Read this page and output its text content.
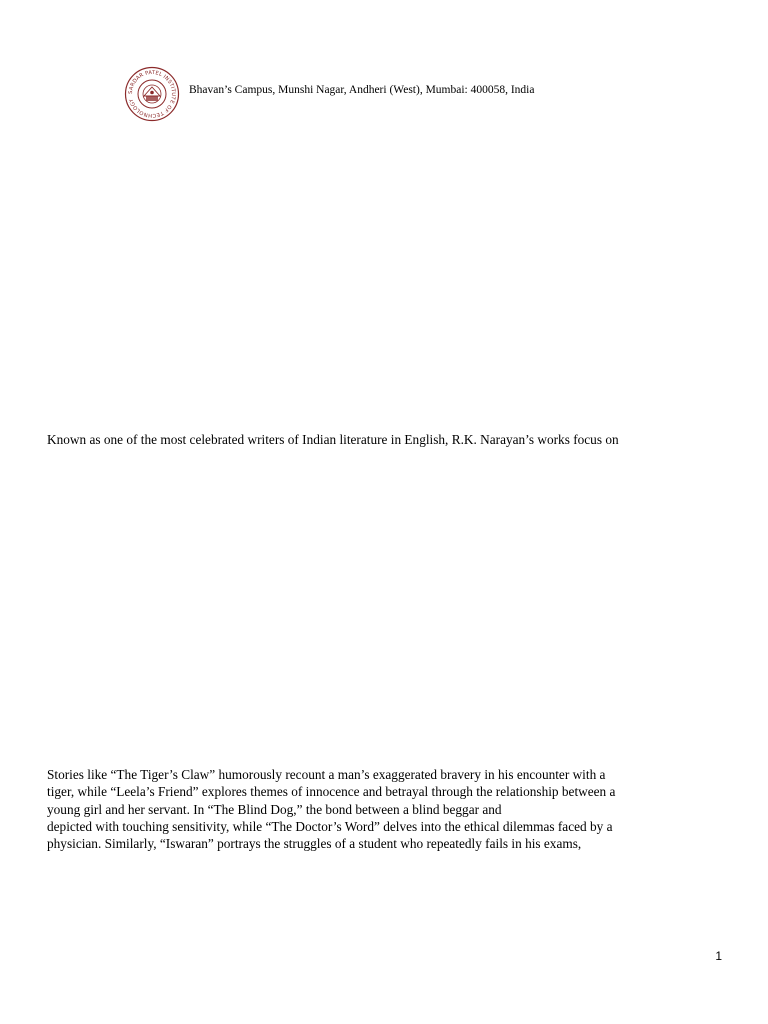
SARDAR PATEL INSTITUTE OF TECHNOLOGY
Bhavan’s Campus, Munshi Nagar, Andheri (West), Mumbai: 400058, India

Known as one of the most celebrated writers of Indian literature in English, R.K. Narayan’s works focus on

Stories like “The Tiger’s Claw” humorously recount a man’s exaggerated bravery in his encounter with a
tiger, while “Leela’s Friend” explores themes of innocence and betrayal through the relationship between a
young girl and her servant. In “The Blind Dog,” the bond between a blind beggar and
depicted with touching sensitivity, while “The Doctor’s Word” delves into the ethical dilemmas faced by a
physician. Similarly, “Iswaran” portrays the struggles of a student who repeatedly fails in his exams,

1
